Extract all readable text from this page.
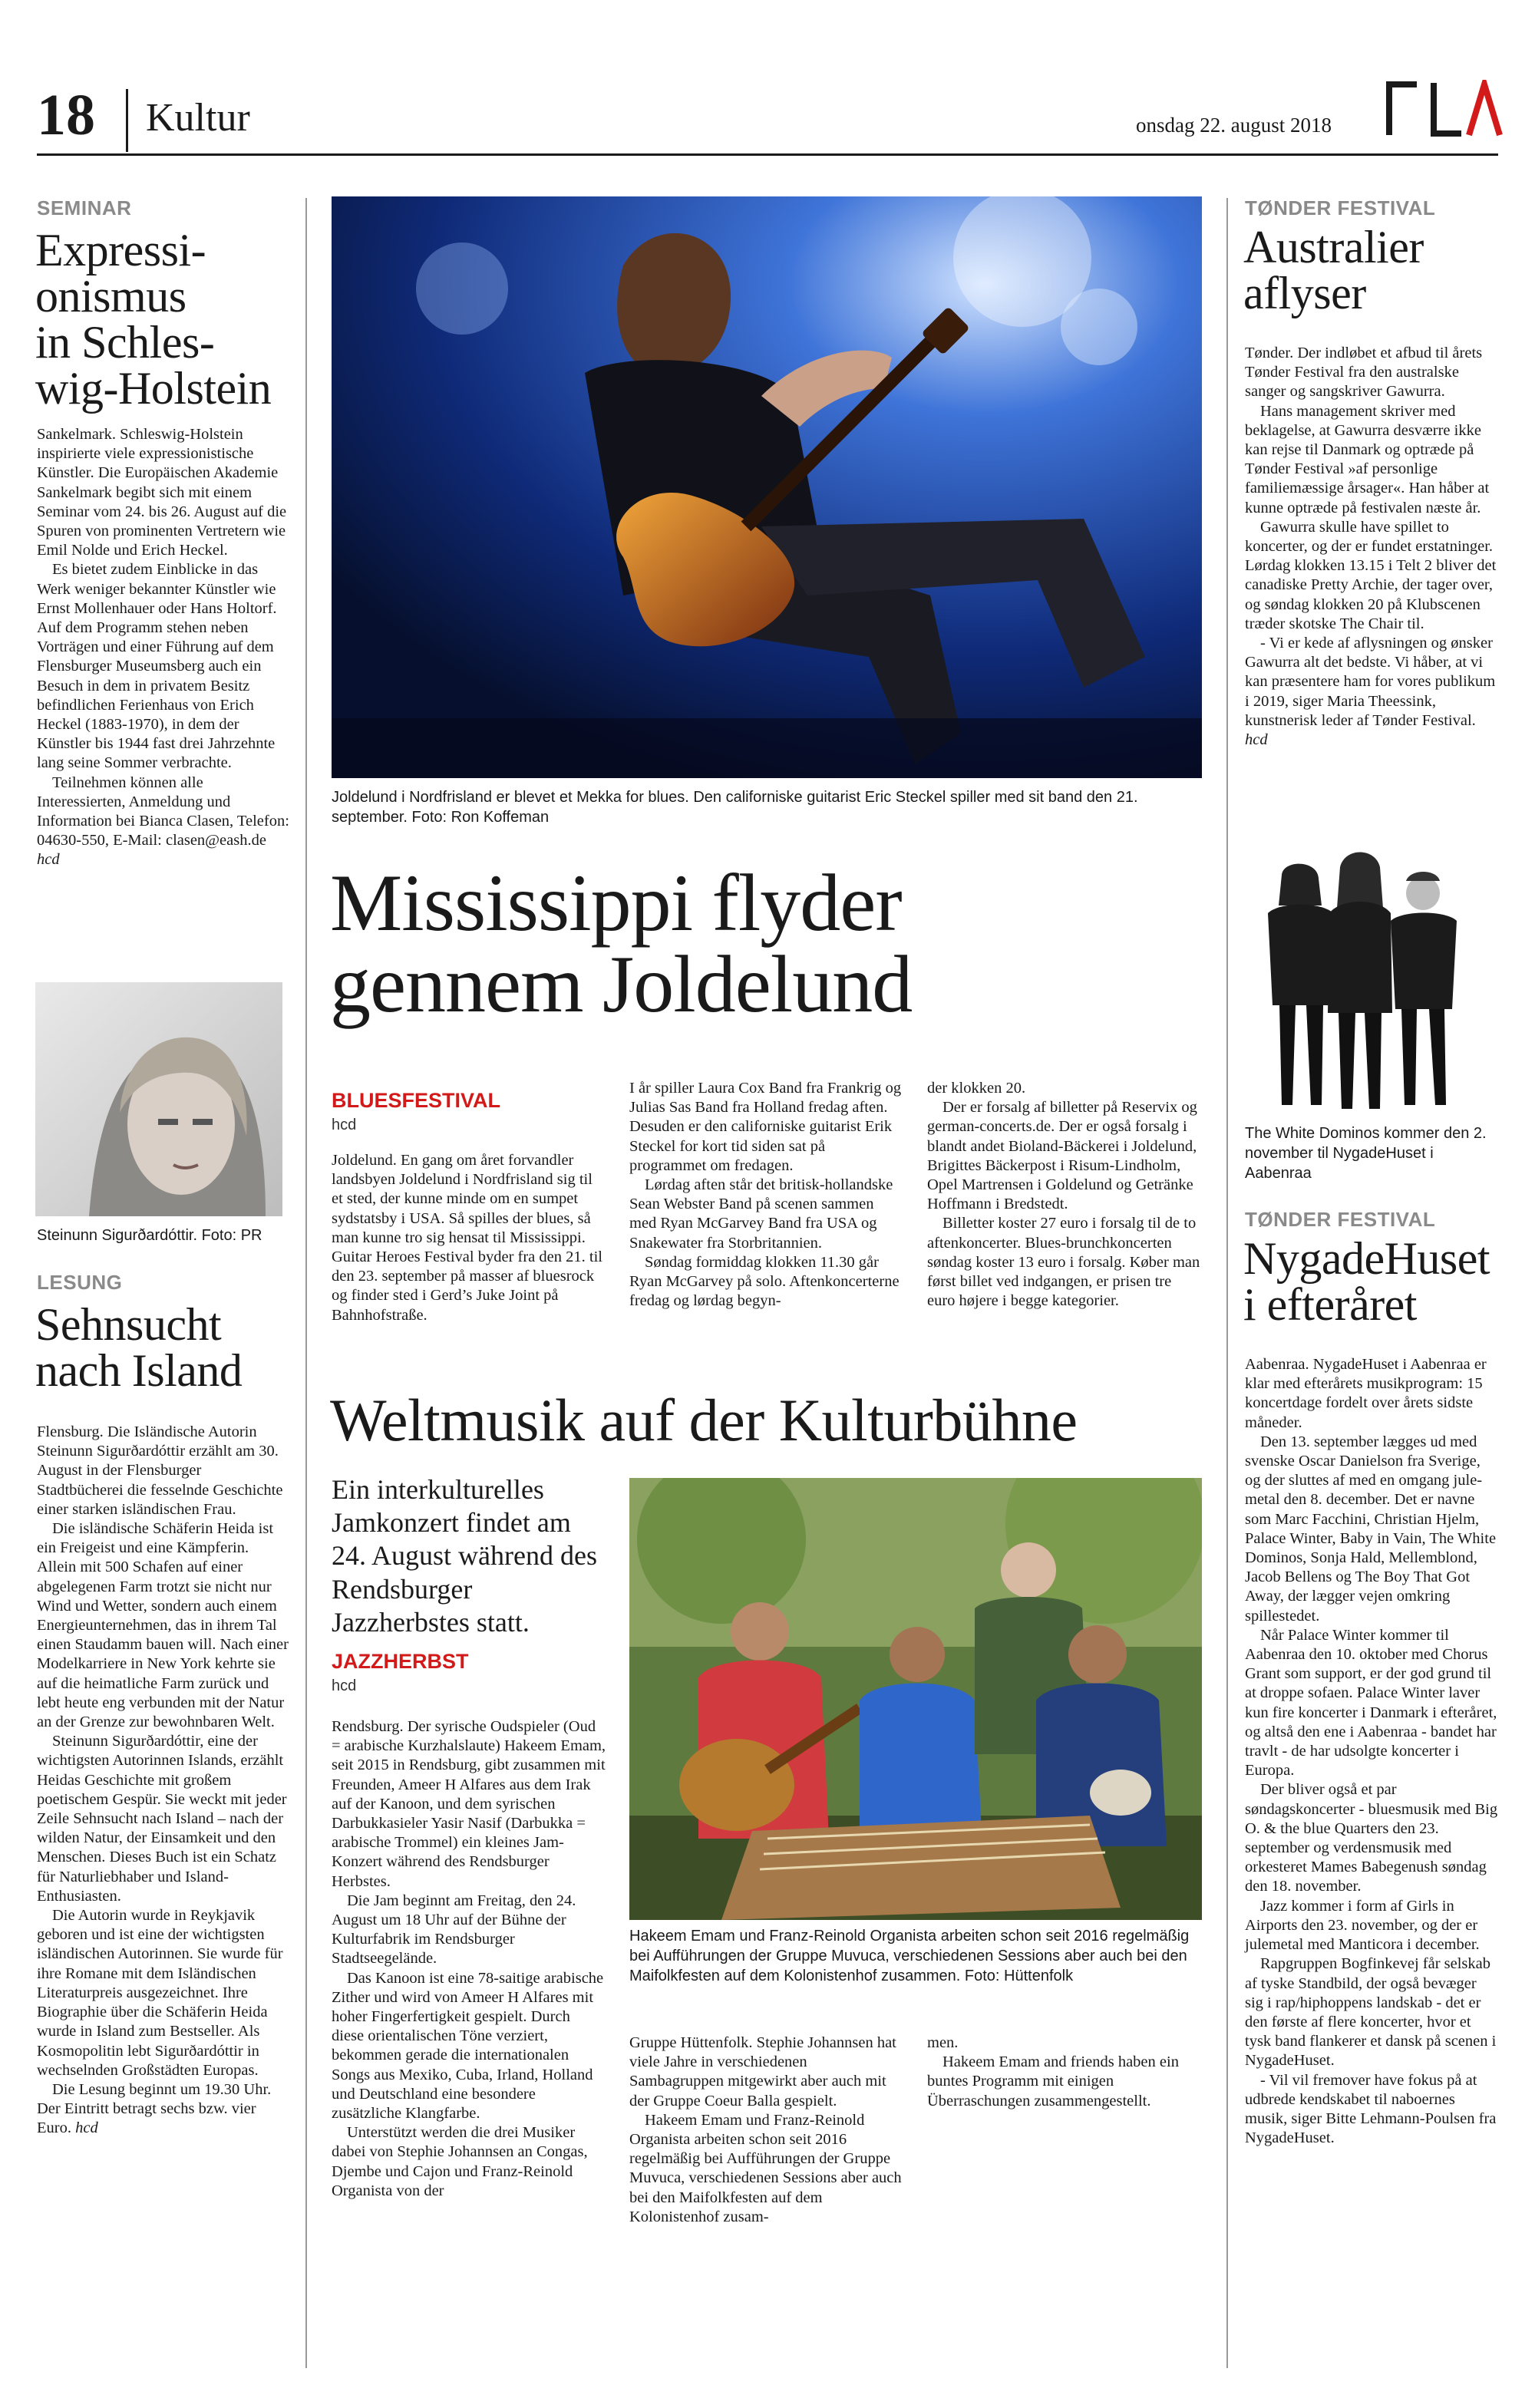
18 Kultur	onsdag 22. august 2018
SEMINAR
Expressi-
onismus
in Schles-
wig-Holstein

Sankelmark. Schleswig-Holstein inspirierte viele expressionistische Künstler. Die Europäischen Akademie Sankelmark begibt sich mit einem Seminar vom 24. bis 26. August auf die Spuren von prominenten Vertretern wie Emil Nolde und Erich Heckel.

Es bietet zudem Einblicke in das Werk weniger bekannter Künstler wie Ernst Mollenhauer oder Hans Holtorf. Auf dem Programm stehen neben Vorträgen und einer Führung auf dem Flensburger Museumsberg auch ein Besuch in dem in privatem Besitz befindlichen Ferienhaus von Erich Heckel (1883-1970), in dem der Künstler bis 1944 fast drei Jahrzehnte lang seine Sommer verbrachte.

Teilnehmen können alle Interessierten, Anmeldung und Information bei Bianca Clasen, Telefon: 04630-550, E-Mail: clasen@eash.de hcd

Steinunn Sigurðardóttir. Foto: PR
LESUNG
Sehnsucht
nach Island

Flensburg. Die Isländische Autorin Steinunn Sigurðardóttir erzählt am 30. August in der Flensburger Stadtbücherei die fesselnde Geschichte einer starken isländischen Frau.

Die isländische Schäferin Heida ist ein Freigeist und eine Kämpferin. Allein mit 500 Schafen auf einer abgelegenen Farm trotzt sie nicht nur Wind und Wetter, sondern auch einem Energieunternehmen, das in ihrem Tal einen Staudamm bauen will. Nach einer Modelkarriere in New York kehrte sie auf die heimatliche Farm zurück und lebt heute eng verbunden mit der Natur an der Grenze zur bewohnbaren Welt.

Steinunn Sigurðardóttir, eine der wichtigsten Autorinnen Islands, erzählt Heidas Geschichte mit großem poetischem Gespür. Sie weckt mit jeder Zeile Sehnsucht nach Island – nach der wilden Natur, der Einsamkeit und den Menschen. Dieses Buch ist ein Schatz für Naturliebhaber und Island-Enthusiasten.

Die Autorin wurde in Reykjavik geboren und ist eine der wichtigsten isländischen Autorinnen. Sie wurde für ihre Romane mit dem Isländischen Literaturpreis ausgezeichnet. Ihre Biographie über die Schäferin Heida wurde in Island zum Bestseller. Als Kosmopolitin lebt Sigurðardóttir in wechselnden Großstädten Europas.

Die Lesung beginnt um 19.30 Uhr. Der Eintritt betragt sechs bzw. vier Euro. hcd

Joldelund i Nordfrisland er blevet et Mekka for blues. Den californiske guitarist Eric Steckel spiller med sit band den 21. september. Foto: Ron Koffeman
Mississippi flyder
gennem Joldelund
BLUESFESTIVAL
hcd

Joldelund. En gang om året forvandler landsbyen Joldelund i Nordfrisland sig til et sted, der kunne minde om en sumpet sydstatsby i USA. Så spilles der blues, så man kunne tro sig hensat til Mississippi. Guitar Heroes Festival byder fra den 21. til den 23. september på masser af bluesrock og finder sted i Gerd’s Juke Joint på Bahnhofstraße.

I år spiller Laura Cox Band fra Frankrig og Julias Sas Band fra Holland fredag aften. Desuden er den californiske guitarist Erik Steckel for kort tid siden sat på programmet om fredagen.

Lørdag aften står det britisk-hollandske Sean Webster Band på scenen sammen med Ryan McGarvey Band fra USA og Snakewater fra Storbritannien.

Søndag formiddag klokken 11.30 går Ryan McGarvey på solo. Aftenkoncerterne fredag og lørdag begyn-

der klokken 20.

Der er forsalg af billetter på Reservix og german-concerts.de. Der er også forsalg i blandt andet Bioland-Bäckerei i Joldelund, Brigittes Bäckerpost i Risum-Lindholm, Opel Martrensen i Goldelund og Getränke Hoffmann i Bredstedt.

Billetter koster 27 euro i forsalg til de to aftenkoncerter. Blues-brunchkoncerten søndag koster 13 euro i forsalg. Køber man først billet ved indgangen, er prisen tre euro højere i begge kategorier.

Weltmusik auf der Kulturbühne
Ein interkulturelles Jamkonzert findet am 24. August während des Rendsburger Jazzherbstes statt.
JAZZHERBST
hcd

Rendsburg. Der syrische Oudspieler (Oud = arabische Kurzhalslaute) Hakeem Emam, seit 2015 in Rendsburg, gibt zusammen mit Freunden, Ameer H Alfares aus dem Irak auf der Kanoon, und dem syrischen Darbukkasieler Yasir Nasif (Darbukka = arabische Trommel) ein kleines Jam-Konzert während des Rendsburger Herbstes.

Die Jam beginnt am Freitag, den 24. August um 18 Uhr auf der Bühne der Kulturfabrik im Rendsburger Stadtseegelände.

Das Kanoon ist eine 78-saitige arabische Zither und wird von Ameer H Alfares mit hoher Fingerfertigkeit gespielt. Durch diese orientalischen Töne verziert, bekommen gerade die internationalen Songs aus Mexiko, Cuba, Irland, Holland und Deutschland eine besondere zusätzliche Klangfarbe.

Unterstützt werden die drei Musiker dabei von Stephie Johannsen an Congas, Djembe und Cajon und Franz-Reinold Organista von der

Hakeem Emam und Franz-Reinold Organista arbeiten schon seit 2016 regelmäßig bei Aufführungen der Gruppe Muvuca, verschiedenen Sessions aber auch bei den Maifolkfesten auf dem Kolonistenhof zusammen. Foto: Hüttenfolk

Gruppe Hüttenfolk. Stephie Johannsen hat viele Jahre in verschiedenen Sambagruppen mitgewirkt aber auch mit der Gruppe Coeur Balla gespielt.

Hakeem Emam und Franz-Reinold Organista arbeiten schon seit 2016 regelmäßig bei Aufführungen der Gruppe Muvuca, verschiedenen Sessions aber auch bei den Maifolkfesten auf dem Kolonistenhof zusam-

men.

Hakeem Emam and friends haben ein buntes Programm mit einigen Überraschungen zusammengestellt.

TØNDER FESTIVAL
Australier
aflyser

Tønder. Der indløbet et afbud til årets Tønder Festival fra den australske sanger og sangskriver Gawurra.

Hans management skriver med beklagelse, at Gawurra desværre ikke kan rejse til Danmark og optræde på Tønder Festival »af personlige familiemæssige årsager«. Han håber at kunne optræde på festivalen næste år.

Gawurra skulle have spillet to koncerter, og der er fundet erstatninger. Lørdag klokken 13.15 i Telt 2 bliver det canadiske Pretty Archie, der tager over, og søndag klokken 20 på Klubscenen træder skotske The Chair til.

- Vi er kede af aflysningen og ønsker Gawurra alt det bedste. Vi håber, at vi kan præsentere ham for vores publikum i 2019, siger Maria Theessink, kunstnerisk leder af Tønder Festival. hcd

The White Dominos kommer den 2. november til NygadeHuset i Aabenraa
TØNDER FESTIVAL
NygadeHuset
i efteråret

Aabenraa. NygadeHuset i Aabenraa er klar med efterårets musikprogram: 15 koncertdage fordelt over årets sidste måneder.

Den 13. september lægges ud med svenske Oscar Danielson fra Sverige, og der sluttes af med en omgang jule-metal den 8. december. Det er navne som Marc Facchini, Christian Hjelm, Palace Winter, Baby in Vain, The White Dominos, Sonja Hald, Mellemblond, Jacob Bellens og The Boy That Got Away, der lægger vejen omkring spillestedet.

Når Palace Winter kommer til Aabenraa den 10. oktober med Chorus Grant som support, er der god grund til at droppe sofaen. Palace Winter laver kun fire koncerter i Danmark i efteråret, og altså den ene i Aabenraa - bandet har travlt - de har udsolgte koncerter i Europa.

Der bliver også et par søndagskoncerter - bluesmusik med Big O. & the blue Quarters den 23. september og verdensmusik med orkesteret Mames Babegenush søndag den 18. november.

Jazz kommer i form af Girls in Airports den 23. november, og der er julemetal med Manticora i december.

Rapgruppen Bogfinkevej får selskab af tyske Standbild, der også bevæger sig i rap/hiphoppens landskab - det er den første af flere koncerter, hvor et tysk band flankerer et dansk på scenen i NygadeHuset.

- Vil vil fremover have fokus på at udbrede kendskabet til naboernes musik, siger Bitte Lehmann-Poulsen fra NygadeHuset.
